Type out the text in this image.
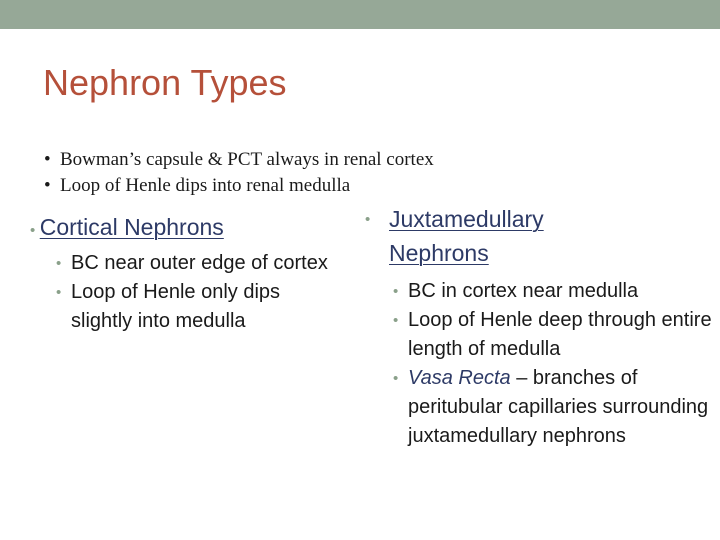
Nephron Types
• Bowman’s capsule & PCT always in renal cortex
• Loop of Henle dips into renal medulla
• Cortical Nephrons
• BC near outer edge of cortex
• Loop of Henle only dips slightly into medulla
• Juxtamedullary
Nephrons
• BC in cortex near medulla
• Loop of Henle deep through entire length of medulla
• Vasa Recta – branches of peritubular capillaries surrounding juxtamedullary nephrons
